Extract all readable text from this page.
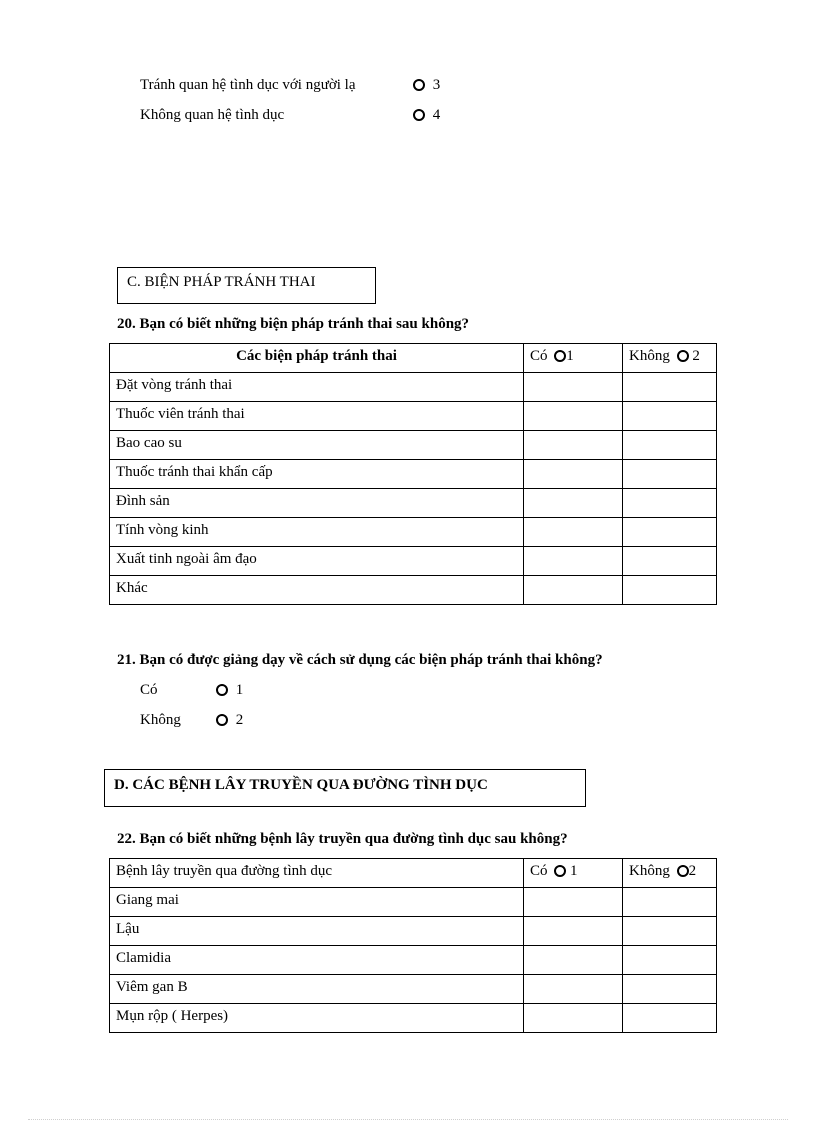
Tránh quan hệ tình dục với người lạ	3
Không quan hệ tình dục	4
C. BIỆN PHÁP TRÁNH THAI
20. Bạn có biết những biện pháp tránh thai sau không?
Các biện pháp tránh thai	Có 1	Không 2
Đặt vòng tránh thai		
Thuốc viên tránh thai		
Bao cao su		
Thuốc tránh thai khẩn cấp		
Đình sản		
Tính vòng kinh		
Xuất tinh ngoài âm đạo		
Khác		
21. Bạn có được giảng dạy về cách sử dụng các biện pháp tránh thai không?
Có	1
Không	2
D. CÁC BỆNH LÂY TRUYỀN QUA ĐƯỜNG TÌNH DỤC
22. Bạn có biết những bệnh lây truyền qua đường tình dục sau không?
Bệnh lây truyền qua đường tình dục	Có 1	Không 2
Giang mai		
Lậu		
Clamidia		
Viêm gan B		
Mụn rộp ( Herpes)		
